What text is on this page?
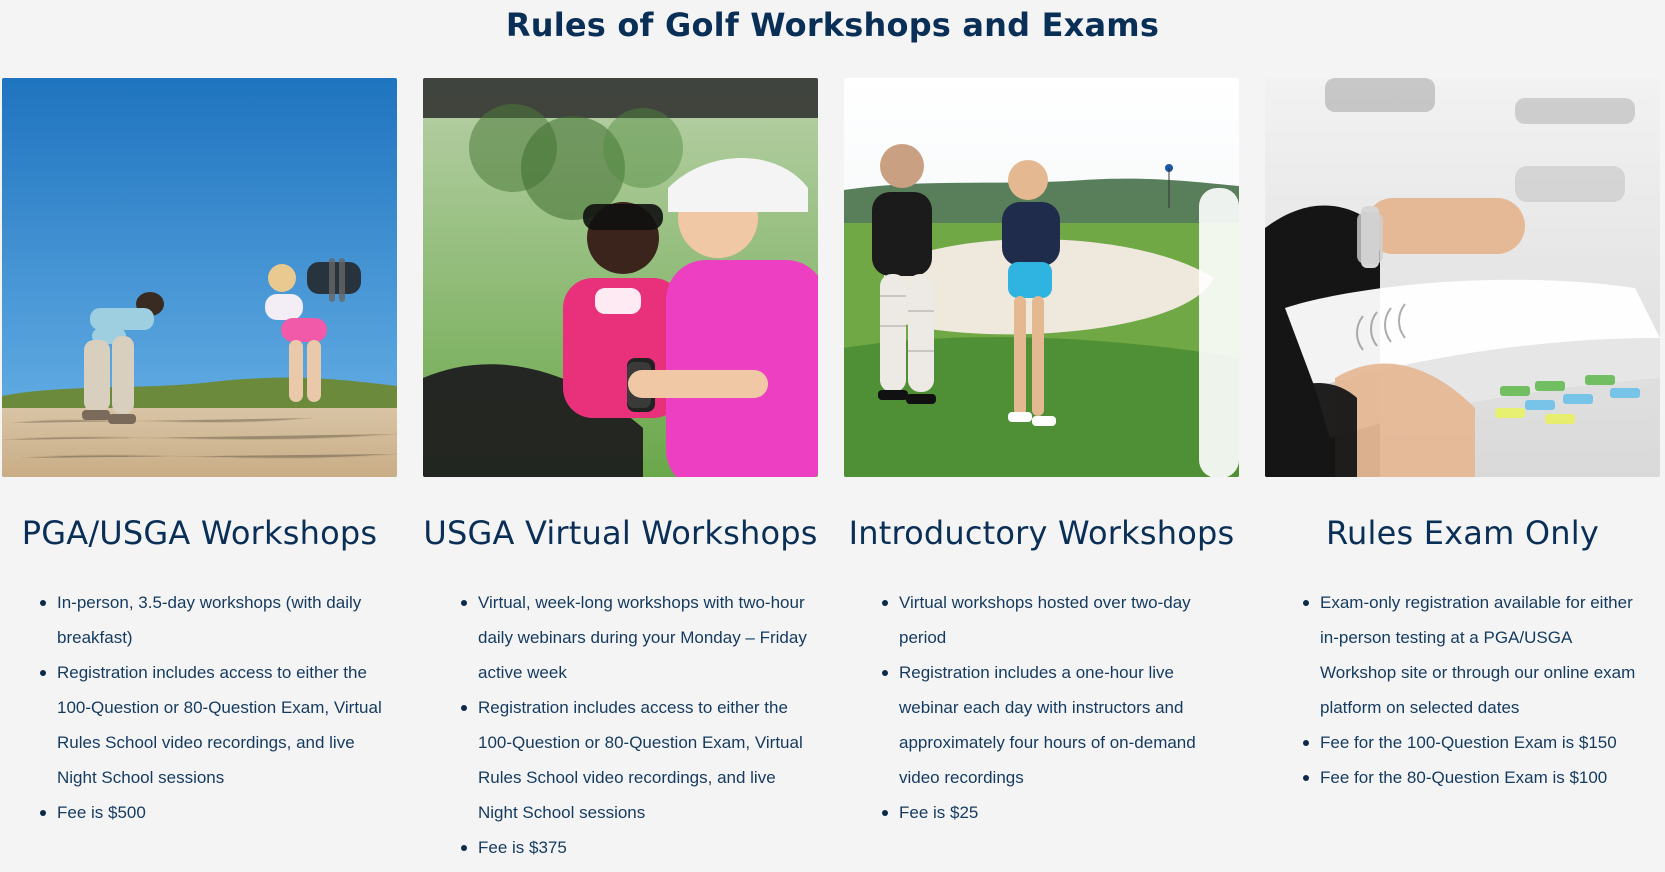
Rules of Golf Workshops and Exams
PGA/USGA Workshops
In-person, 3.5-day workshops (with daily breakfast)
Registration includes access to either the 100-Question or 80-Question Exam, Virtual Rules School video recordings, and live Night School sessions
Fee is $500
USGA Virtual Workshops
Virtual, week-long workshops with two-hour daily webinars during your Monday – Friday active week
Registration includes access to either the 100-Question or 80-Question Exam, Virtual Rules School video recordings, and live Night School sessions
Fee is $375
Introductory Workshops
Virtual workshops hosted over two-day period
Registration includes a one-hour live webinar each day with instructors and approximately four hours of on-demand video recordings
Fee is $25
Rules Exam Only
Exam-only registration available for either in-person testing at a PGA/USGA Workshop site or through our online exam platform on selected dates
Fee for the 100-Question Exam is $150
Fee for the 80-Question Exam is $100
